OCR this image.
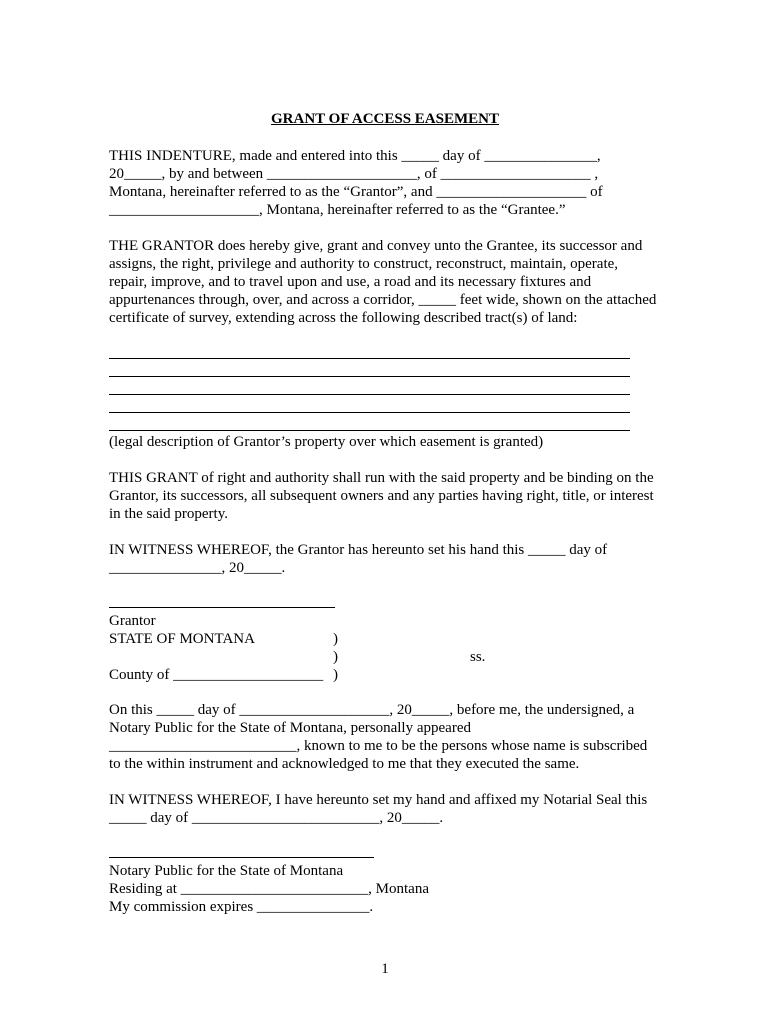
GRANT OF ACCESS EASEMENT
THIS INDENTURE, made and entered into this _____ day of _______________,
20_____, by and between ____________________, of ____________________ ,
Montana, hereinafter referred to as the “Grantor”, and ____________________ of
____________________, Montana, hereinafter referred to as the “Grantee.”
THE GRANTOR does hereby give, grant and convey unto the Grantee, its successor and
assigns, the right, privilege and authority to construct, reconstruct, maintain, operate,
repair, improve, and to travel upon and use, a road and its necessary fixtures and
appurtenances through, over, and across a corridor, _____ feet wide, shown on the attached
certificate of survey, extending across the following described tract(s) of land:
(legal description of Grantor’s property over which easement is granted)
THIS GRANT of right and authority shall run with the said property and be binding on the
Grantor, its successors, all subsequent owners and any parties having right, title, or interest
in the said property.
IN WITNESS WHEREOF, the Grantor has hereunto set his hand this _____ day of
_______________, 20_____.
Grantor
STATE OF MONTANA	)
)	ss.
County of ____________________ )
On this _____ day of ____________________, 20_____, before me, the undersigned, a
Notary Public for the State of Montana, personally appeared
_________________________, known to me to be the persons whose name is subscribed
to the within instrument and acknowledged to me that they executed the same.
IN WITNESS WHEREOF, I have hereunto set my hand and affixed my Notarial Seal this
_____ day of _________________________, 20_____.
Notary Public for the State of Montana
Residing at _________________________, Montana
My commission expires _______________.
1
